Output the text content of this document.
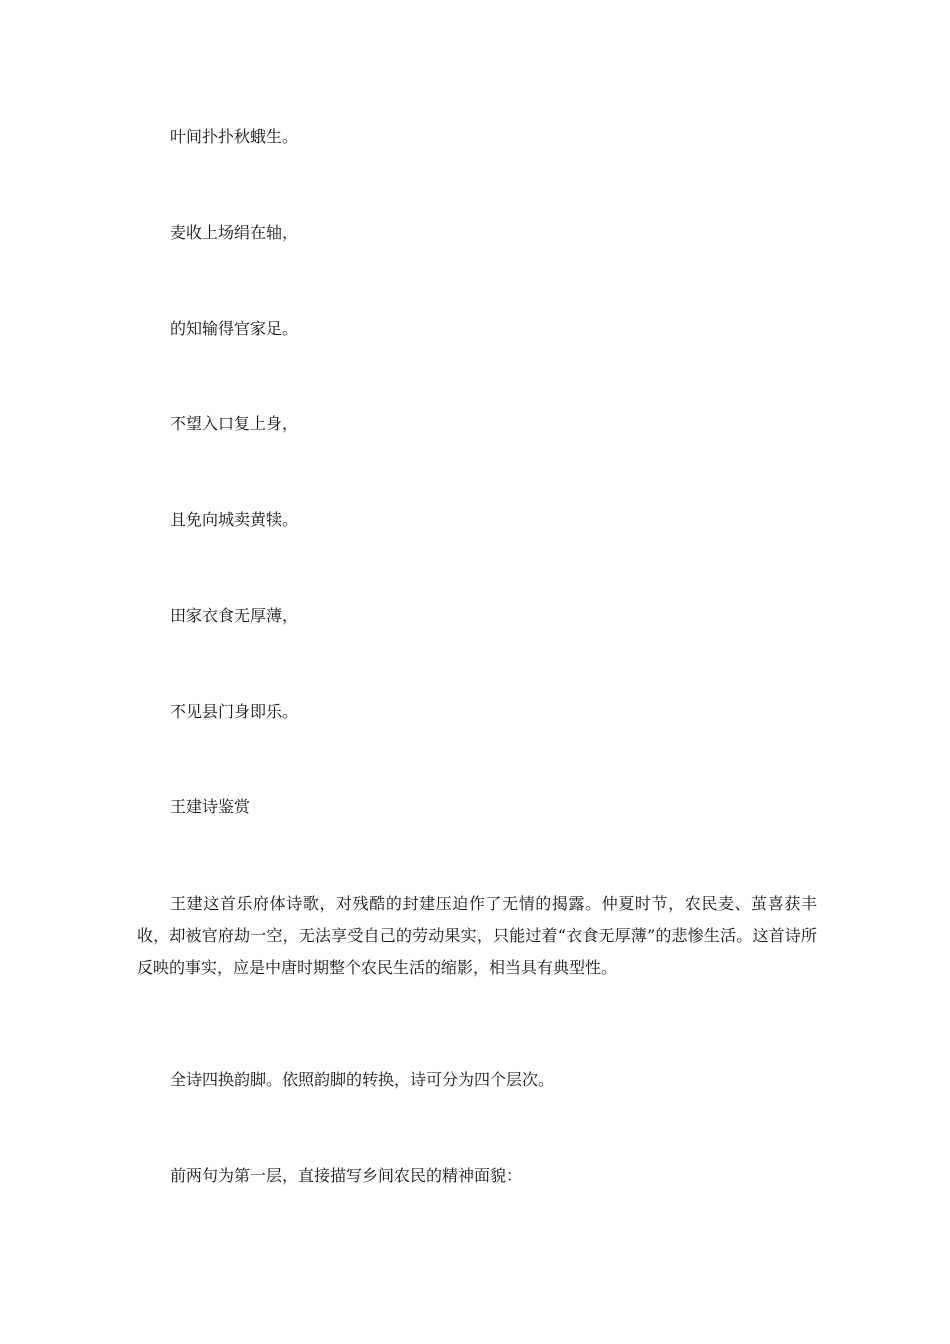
叶间扑扑秋蛾生。
麦收上场绢在轴，
的知输得官家足。
不望入口复上身，
且免向城卖黄犊。
田家衣食无厚薄，
不见县门身即乐。
王建诗鉴赏

王建这首乐府体诗歌，对残酷的封建压迫作了无情的揭露。仲夏时节，农民麦、茧喜获丰收，却被官府劫一空，无法享受自己的劳动果实，只能过着“衣食无厚薄”的悲惨生活。这首诗所反映的事实，应是中唐时期整个农民生活的缩影，相当具有典型性。

全诗四换韵脚。依照韵脚的转换，诗可分为四个层次。

前两句为第一层，直接描写乡间农民的精神面貌：
